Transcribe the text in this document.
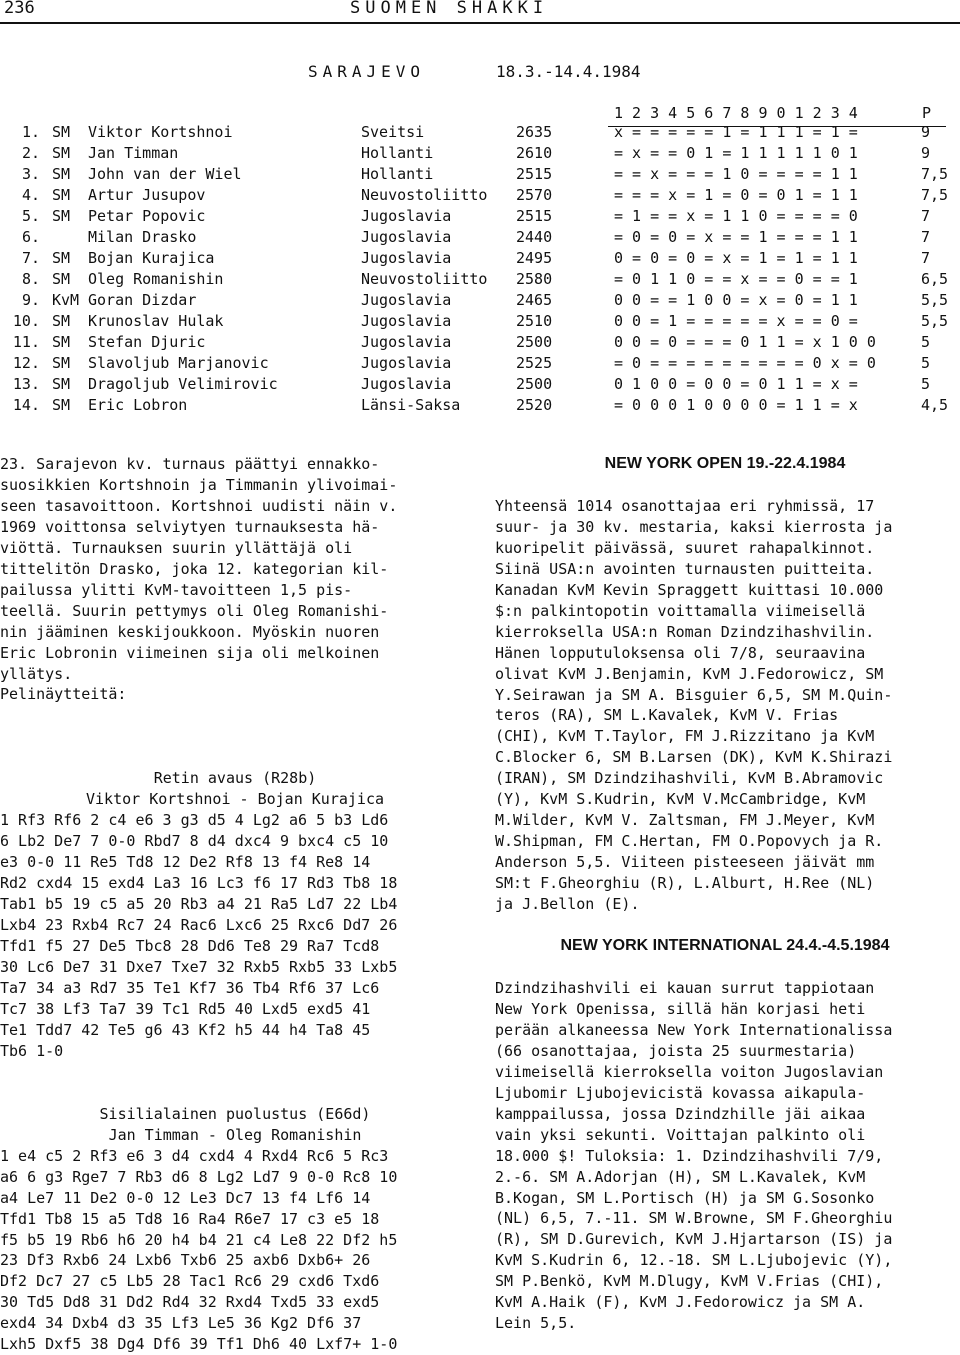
236	SUOMEN SHAKKI
SARAJEVO	18.3.-14.4.1984
1 2 3 4 5 6 7 8 9 0 1 2 3 4	P
1. SM Viktor Kortshnoi	Sveitsi	2635	x = = = = = 1 = 1 1 1 = 1 =	9
2. SM Jan Timman	Hollanti	2610	= x = = 0 1 = 1 1 1 1 1 0 1	9
3. SM John van der Wiel	Hollanti	2515	= = x = = = 1 0 = = = = 1 1	7,5
4. SM Artur Jusupov	Neuvostoliitto 2570	= = = x = 1 = 0 = 0 1 = 1 1	7,5
5. SM Petar Popovic	Jugoslavia	2515	= 1 = = x = 1 1 0 = = = = 0	7
6.	Milan Drasko	Jugoslavia	2440	= 0 = 0 = x = = 1 = = = 1 1	7
7. SM Bojan Kurajica	Jugoslavia	2495	0 = 0 = 0 = x = 1 = 1 = 1 1	7
8. SM Oleg Romanishin	Neuvostoliitto 2580	= 0 1 1 0 = = x = = 0 = = 1	6,5
9. KvM Goran Dizdar	Jugoslavia	2465	0 0 = = 1 0 0 = x = 0 = 1 1	5,5
10. SM Krunoslav Hulak	Jugoslavia	2510	0 0 = 1 = = = = = x = = 0 =	5,5
11. SM Stefan Djuric	Jugoslavia	2500	0 0 = 0 = = = 0 1 1 = x 1 0 0	5
12. SM Slavoljub Marjanovic	Jugoslavia	2525	= 0 = = = = = = = = = 0 x = 0	5
13. SM Dragoljub Velimirovic	Jugoslavia	2500	0 1 0 0 = 0 0 = 0 1 1 = x =	5
14. SM Eric Lobron	Länsi-Saksa	2520	= 0 0 0 1 0 0 0 0 = 1 1 = x	4,5

23. Sarajevon kv. turnaus päättyi ennakko-

suosikkien Kortshnoin ja Timmanin ylivoimai-

seen tasavoittoon. Kortshnoi uudisti näin v.

1969 voittonsa selviytyen turnauksesta hä-

viöttä. Turnauksen suurin yllättäjä oli

tittelitön Drasko, joka 12. kategorian kil-

pailussa ylitti KvM-tavoitteen 1,5 pis-

teellä. Suurin pettymys oli Oleg Romanishi-

nin jääminen keskijoukkoon. Myöskin nuoren

Eric Lobronin viimeinen sija oli melkoinen

yllätys.

Pelinäytteitä:

Retin avaus (R28b)

Viktor Kortshnoi - Bojan Kurajica

1 Rf3 Rf6 2 c4 e6 3 g3 d5 4 Lg2 a6 5 b3 Ld6

6 Lb2 De7 7 0-0 Rbd7 8 d4 dxc4 9 bxc4 c5 10

e3 0-0 11 Re5 Td8 12 De2 Rf8 13 f4 Re8 14

Rd2 cxd4 15 exd4 La3 16 Lc3 f6 17 Rd3 Tb8 18

Tab1 b5 19 c5 a5 20 Rb3 a4 21 Ra5 Ld7 22 Lb4

Lxb4 23 Rxb4 Rc7 24 Rac6 Lxc6 25 Rxc6 Dd7 26

Tfd1 f5 27 De5 Tbc8 28 Dd6 Te8 29 Ra7 Tcd8

30 Lc6 De7 31 Dxe7 Txe7 32 Rxb5 Rxb5 33 Lxb5

Ta7 34 a3 Rd7 35 Te1 Kf7 36 Tb4 Rf6 37 Lc6

Tc7 38 Lf3 Ta7 39 Tc1 Rd5 40 Lxd5 exd5 41

Te1 Tdd7 42 Te5 g6 43 Kf2 h5 44 h4 Ta8 45

Tb6 1-0

Sisilialainen puolustus (E66d)

Jan Timman - Oleg Romanishin

1 e4 c5 2 Rf3 e6 3 d4 cxd4 4 Rxd4 Rc6 5 Rc3

a6 6 g3 Rge7 7 Rb3 d6 8 Lg2 Ld7 9 0-0 Rc8 10

a4 Le7 11 De2 0-0 12 Le3 Dc7 13 f4 Lf6 14

Tfd1 Tb8 15 a5 Td8 16 Ra4 R6e7 17 c3 e5 18

f5 b5 19 Rb6 h6 20 h4 b4 21 c4 Le8 22 Df2 h5

23 Df3 Rxb6 24 Lxb6 Txb6 25 axb6 Dxb6+ 26

Df2 Dc7 27 c5 Lb5 28 Tac1 Rc6 29 cxd6 Txd6

30 Td5 Dd8 31 Dd2 Rd4 32 Rxd4 Txd5 33 exd5

exd4 34 Dxb4 d3 35 Lf3 Le5 36 Kg2 Df6 37

Lxh5 Dxf5 38 Dg4 Df6 39 Tf1 Dh6 40 Lxf7+ 1-0

NEW YORK OPEN 19.-22.4.1984

Yhteensä 1014 osanottajaa eri ryhmissä, 17

suur- ja 30 kv. mestaria, kaksi kierrosta ja

kuoripelit päivässä, suuret rahapalkinnot.

Siinä USA:n avointen turnausten puitteita.

Kanadan KvM Kevin Spraggett kuittasi 10.000

$:n palkintopotin voittamalla viimeisellä

kierroksella USA:n Roman Dzindzihashvilin.

Hänen lopputuloksensa oli 7/8, seuraavina

olivat KvM J.Benjamin, KvM J.Fedorowicz, SM

Y.Seirawan ja SM A. Bisguier 6,5, SM M.Quin-

teros (RA), SM L.Kavalek, KvM V. Frias

(CHI), KvM T.Taylor, FM J.Rizzitano ja KvM

C.Blocker 6, SM B.Larsen (DK), KvM K.Shirazi

(IRAN), SM Dzindzihashvili, KvM B.Abramovic

(Y), KvM S.Kudrin, KvM V.McCambridge, KvM

M.Wilder, KvM V. Zaltsman, FM J.Meyer, KvM

W.Shipman, FM C.Hertan, FM O.Popovych ja R.

Anderson 5,5. Viiteen pisteeseen jäivät mm

SM:t F.Gheorghiu (R), L.Alburt, H.Ree (NL)

ja J.Bellon (E).

NEW YORK INTERNATIONAL 24.4.-4.5.1984

Dzindzihashvili ei kauan surrut tappiotaan

New York Openissa, sillä hän korjasi heti

perään alkaneessa New York Internationalissa

(66 osanottajaa, joista 25 suurmestaria)

viimeisellä kierroksella voiton Jugoslavian

Ljubomir Ljubojevicistä kovassa aikapula-

kamppailussa, jossa Dzindzhille jäi aikaa

vain yksi sekunti. Voittajan palkinto oli

18.000 $! Tuloksia: 1. Dzindzihashvili 7/9,

2.-6. SM A.Adorjan (H), SM L.Kavalek, KvM

B.Kogan, SM L.Portisch (H) ja SM G.Sosonko

(NL) 6,5, 7.-11. SM W.Browne, SM F.Gheorghiu

(R), SM D.Gurevich, KvM J.Hjartarson (IS) ja

KvM S.Kudrin 6, 12.-18. SM L.Ljubojevic (Y),

SM P.Benkö, KvM M.Dlugy, KvM V.Frias (CHI),

KvM A.Haik (F), KvM J.Fedorowicz ja SM A.

Lein 5,5.
